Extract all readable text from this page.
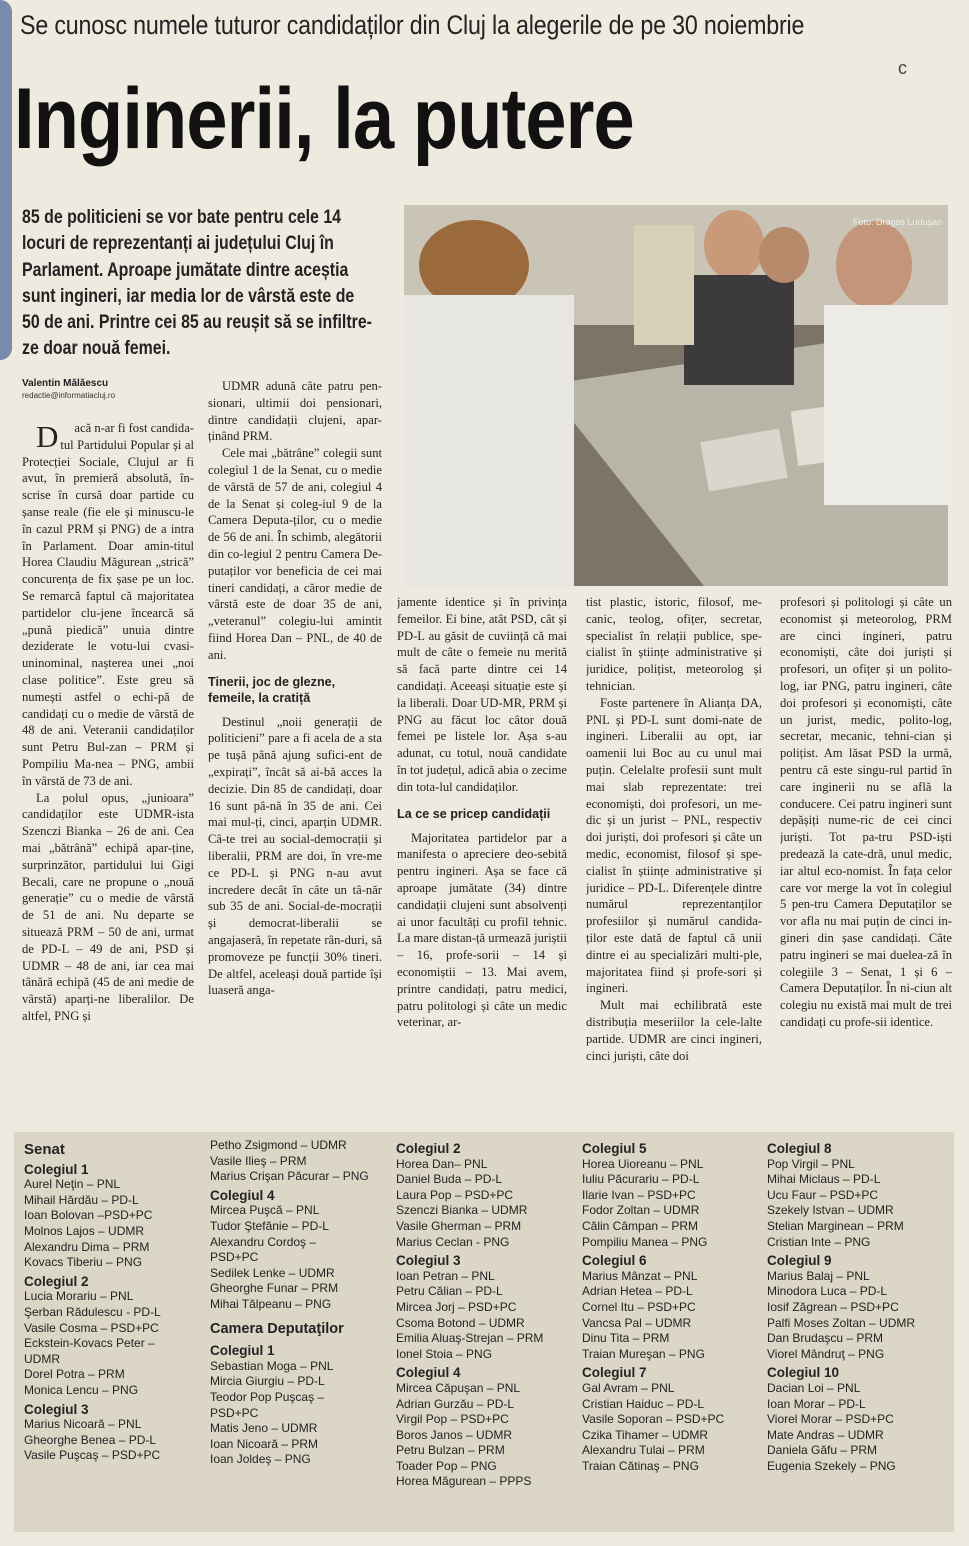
Se cunosc numele tuturor candidaților din Cluj la alegerile de pe 30 noiembrie
Inginerii, la putere
c
85 de politicieni se vor bate pentru cele 14
locuri de reprezentanți ai județului Cluj în
Parlament. Aproape jumătate dintre aceștia
sunt ingineri, iar media lor de vârstă este de
50 de ani. Printre cei 85 au reușit să se infiltre-
ze doar nouă femei.
Foto: Dragoș Ludușan
Valentin Mălăescu
redactie@informatiacluj.ro

Dacă n-ar fi fost candida-tul Partidului Popular și al Protecției Sociale, Clujul ar fi avut, în premieră absolută, în-scrise în cursă doar partide cu șanse reale (fie ele și minuscu-le în cazul PRM și PNG) de a intra în Parlament. Doar amin-titul Horea Claudiu Măgurean „strică” concurența de fix șase pe un loc. Se remarcă faptul că majoritatea partidelor clu-jene încearcă să „pună piedică” unuia dintre deziderate le votu-lui cvasi-uninominal, nașterea unei „noi clase politice”. Este greu să numești astfel o echi-pă de candidați cu o medie de vârstă de 48 de ani. Veteranii candidaților sunt Petru Bul-zan – PRM și Pompiliu Ma-nea – PNG, ambii în vârstă de 73 de ani.

La polul opus, „junioara” candidaților este UDMR-ista Szenczi Bianka – 26 de ani. Cea mai „bătrână” echipă apar-ține, surprinzător, partidului lui Gigi Becali, care ne propune o „nouă generație” cu o medie de vârstă de 51 de ani. Nu departe se situează PRM – 50 de ani, urmat de PD-L – 49 de ani, PSD și UDMR – 48 de ani, iar cea mai tânără echipă (45 de ani medie de vârstă) aparți-ne liberalilor. De altfel, PNG și

UDMR adună câte patru pen-sionari, ultimii doi pensionari, dintre candidații clujeni, apar-ținând PRM.

Cele mai „bătrâne” colegii sunt colegiul 1 de la Senat, cu o medie de vârstă de 57 de ani, colegiul 4 de la Senat și coleg-iul 9 de la Camera Deputa-ților, cu o medie de 56 de ani. În schimb, alegătorii din co-legiul 2 pentru Camera De-putaților vor beneficia de cei mai tineri candidați, a căror medie de vârstă este de doar 35 de ani, „veteranul” colegiu-lui amintit fiind Horea Dan – PNL, de 40 de ani.

Tinerii, joc de glezne, femeile, la cratiță

Destinul „noii generații de politicieni” pare a fi acela de a sta pe tușă până ajung sufici-ent de „expirați”, încât să ai-bă acces la decizie. Din 85 de candidați, doar 16 sunt pâ-nă în 35 de ani. Cei mai mul-ți, cinci, aparțin UDMR. Câ-te trei au social-democrații și liberalii, PRM are doi, în vre-me ce PD-L și PNG n-au avut incredere decât în câte un tâ-năr sub 35 de ani. Social-de-mocrații și democrat-liberalii se angajaseră, în repetate rân-duri, să promoveze pe funcții 30% tineri. De altfel, aceleași două partide își luaseră anga-

jamente identice și în privința femeilor. Ei bine, atât PSD, cât și PD-L au găsit de cuviință că mai mult de câte o femeie nu merită să facă parte dintre cei 14 candidați. Aceeași situație este și la liberali. Doar UD-MR, PRM și PNG au făcut loc câtor două femei pe listele lor. Așa s-au adunat, cu totul, nouă candidate în tot județul, adică abia o zecime din tota-lul candidaților.

La ce se pricep candidații

Majoritatea partidelor par a manifesta o apreciere deo-sebită pentru ingineri. Așa se face că aproape jumătate (34) dintre candidații clujeni sunt absolvenți ai unor facultăți cu profil tehnic. La mare distan-ță urmează juriștii – 16, profe-sorii – 14 și economiștii – 13. Mai avem, printre candidați, patru medici, patru politologi și câte un medic veterinar, ar-

tist plastic, istoric, filosof, me-canic, teolog, ofițer, secretar, specialist în relații publice, spe-cialist în științe administrative și juridice, polițist, meteorolog și tehnician.

Foste partenere în Alianța DA, PNL și PD-L sunt domi-nate de ingineri. Liberalii au opt, iar oamenii lui Boc au cu unul mai puțin. Celelalte profesii sunt mult mai slab reprezentate: trei economiști, doi profesori, un me-dic și un jurist – PNL, respectiv doi juriști, doi profesori și câte un medic, economist, filosof și spe-cialist în științe administrative și juridice – PD-L. Diferențele dintre numărul reprezentanților profesiilor și numărul candida-ților este dată de faptul că unii dintre ei au specializări multi-ple, majoritatea fiind și profe-sori și ingineri.

Mult mai echilibrată este distribuția meseriilor la cele-lalte partide. UDMR are cinci ingineri, cinci juriști, câte doi

profesori și politologi și câte un economist și meteorolog, PRM are cinci ingineri, patru economiști, câte doi juriști și profesori, un ofițer și un polito-log, iar PNG, patru ingineri, câte doi profesori și economiști, câte un jurist, medic, polito-log, secretar, mecanic, tehni-cian și polițist. Am lăsat PSD la urmă, pentru că este singu-rul partid în care inginerii nu se află la conducere. Cei patru ingineri sunt depășiți nume-ric de cei cinci juriști. Tot pa-tru PSD-iști predează la cate-dră, unul medic, iar altul eco-nomist. În fața celor care vor merge la vot în colegiul 5 pen-tru Camera Deputaților se vor afla nu mai puțin de cinci in-gineri din șase candidați. Câte patru ingineri se mai duelea-ză în colegiile 3 – Senat, 1 și 6 – Camera Deputaților. În ni-ciun alt colegiu nu există mai mult de trei candidați cu profe-sii identice.

Senat
Colegiul 1
Aurel Neţin – PNL
Mihail Hărdău – PD-L
Ioan Bolovan –PSD+PC
Molnos Lajos – UDMR
Alexandru Dima – PRM
Kovacs Tiberiu – PNG
Colegiul 2
Lucia Morariu – PNL
Şerban Rădulescu - PD-L
Vasile Cosma – PSD+PC
Eckstein-Kovacs Peter –
UDMR
Dorel Potra – PRM
Monica Lencu – PNG
Colegiul 3
Marius Nicoară – PNL
Gheorghe Benea – PD-L
Vasile Puşcaş – PSD+PC
Petho Zsigmond – UDMR
Vasile Ilieş – PRM
Marius Crişan Păcurar – PNG
Colegiul 4
Mircea Puşcă – PNL
Tudor Ştefănie – PD-L
Alexandru Cordoş –
PSD+PC
Sedilek Lenke – UDMR
Gheorghe Funar – PRM
Mihai Tălpeanu – PNG
Camera Deputaţilor
Colegiul 1
Sebastian Moga – PNL
Mircia Giurgiu – PD-L
Teodor Pop Puşcaş –
PSD+PC
Matis Jeno – UDMR
Ioan Nicoară – PRM
Ioan Joldeş – PNG
Colegiul 2
Horea Dan– PNL
Daniel Buda – PD-L
Laura Pop – PSD+PC
Szenczi Bianka – UDMR
Vasile Gherman – PRM
Marius Ceclan - PNG
Colegiul 3
Ioan Petran – PNL
Petru Călian – PD-L
Mircea Jorj – PSD+PC
Csoma Botond – UDMR
Emilia Aluaş-Strejan – PRM
Ionel Stoia – PNG
Colegiul 4
Mircea Căpuşan – PNL
Adrian Gurzău – PD-L
Virgil Pop – PSD+PC
Boros Janos – UDMR
Petru Bulzan – PRM
Toader Pop – PNG
Horea Măgurean – PPPS
Colegiul 5
Horea Uioreanu – PNL
Iuliu Păcurariu – PD-L
Ilarie Ivan – PSD+PC
Fodor Zoltan – UDMR
Călin Câmpan – PRM
Pompiliu Manea – PNG
Colegiul 6
Marius Mânzat – PNL
Adrian Hetea – PD-L
Cornel Itu – PSD+PC
Vancsa Pal – UDMR
Dinu Tita – PRM
Traian Mureşan – PNG
Colegiul 7
Gal Avram – PNL
Cristian Haiduc – PD-L
Vasile Soporan – PSD+PC
Czika Tihamer – UDMR
Alexandru Tulai – PRM
Traian Cătinaş – PNG
Colegiul 8
Pop Virgil – PNL
Mihai Miclaus – PD-L
Ucu Faur – PSD+PC
Szekely Istvan – UDMR
Stelian Marginean – PRM
Cristian Inte – PNG
Colegiul 9
Marius Balaj – PNL
Minodora Luca – PD-L
Iosif Zăgrean – PSD+PC
Palfi Moses Zoltan – UDMR
Dan Brudaşcu – PRM
Viorel Mândruţ – PNG
Colegiul 10
Dacian Loi – PNL
Ioan Morar – PD-L
Viorel Morar – PSD+PC
Mate Andras – UDMR
Daniela Găfu – PRM
Eugenia Szekely – PNG
